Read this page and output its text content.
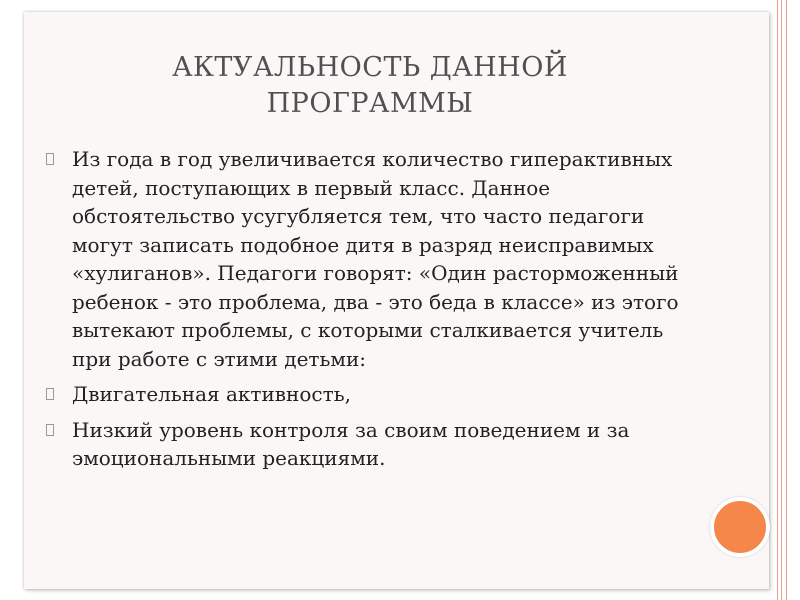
АКТУАЛЬНОСТЬ ДАННОЙ ПРОГРАММЫ
Из года в год увеличивается количество гиперактивных детей, поступающих в первый класс. Данное обстоятельство усугубляется тем, что часто педагоги могут записать подобное дитя в разряд неисправимых «хулиганов». Педагоги говорят: «Один расторможенный ребенок - это проблема, два - это беда в классе» из этого вытекают проблемы, с которыми сталкивается учитель при работе с этими детьми:
Двигательная активность,
Низкий уровень контроля за своим поведением и за эмоциональными реакциями.
